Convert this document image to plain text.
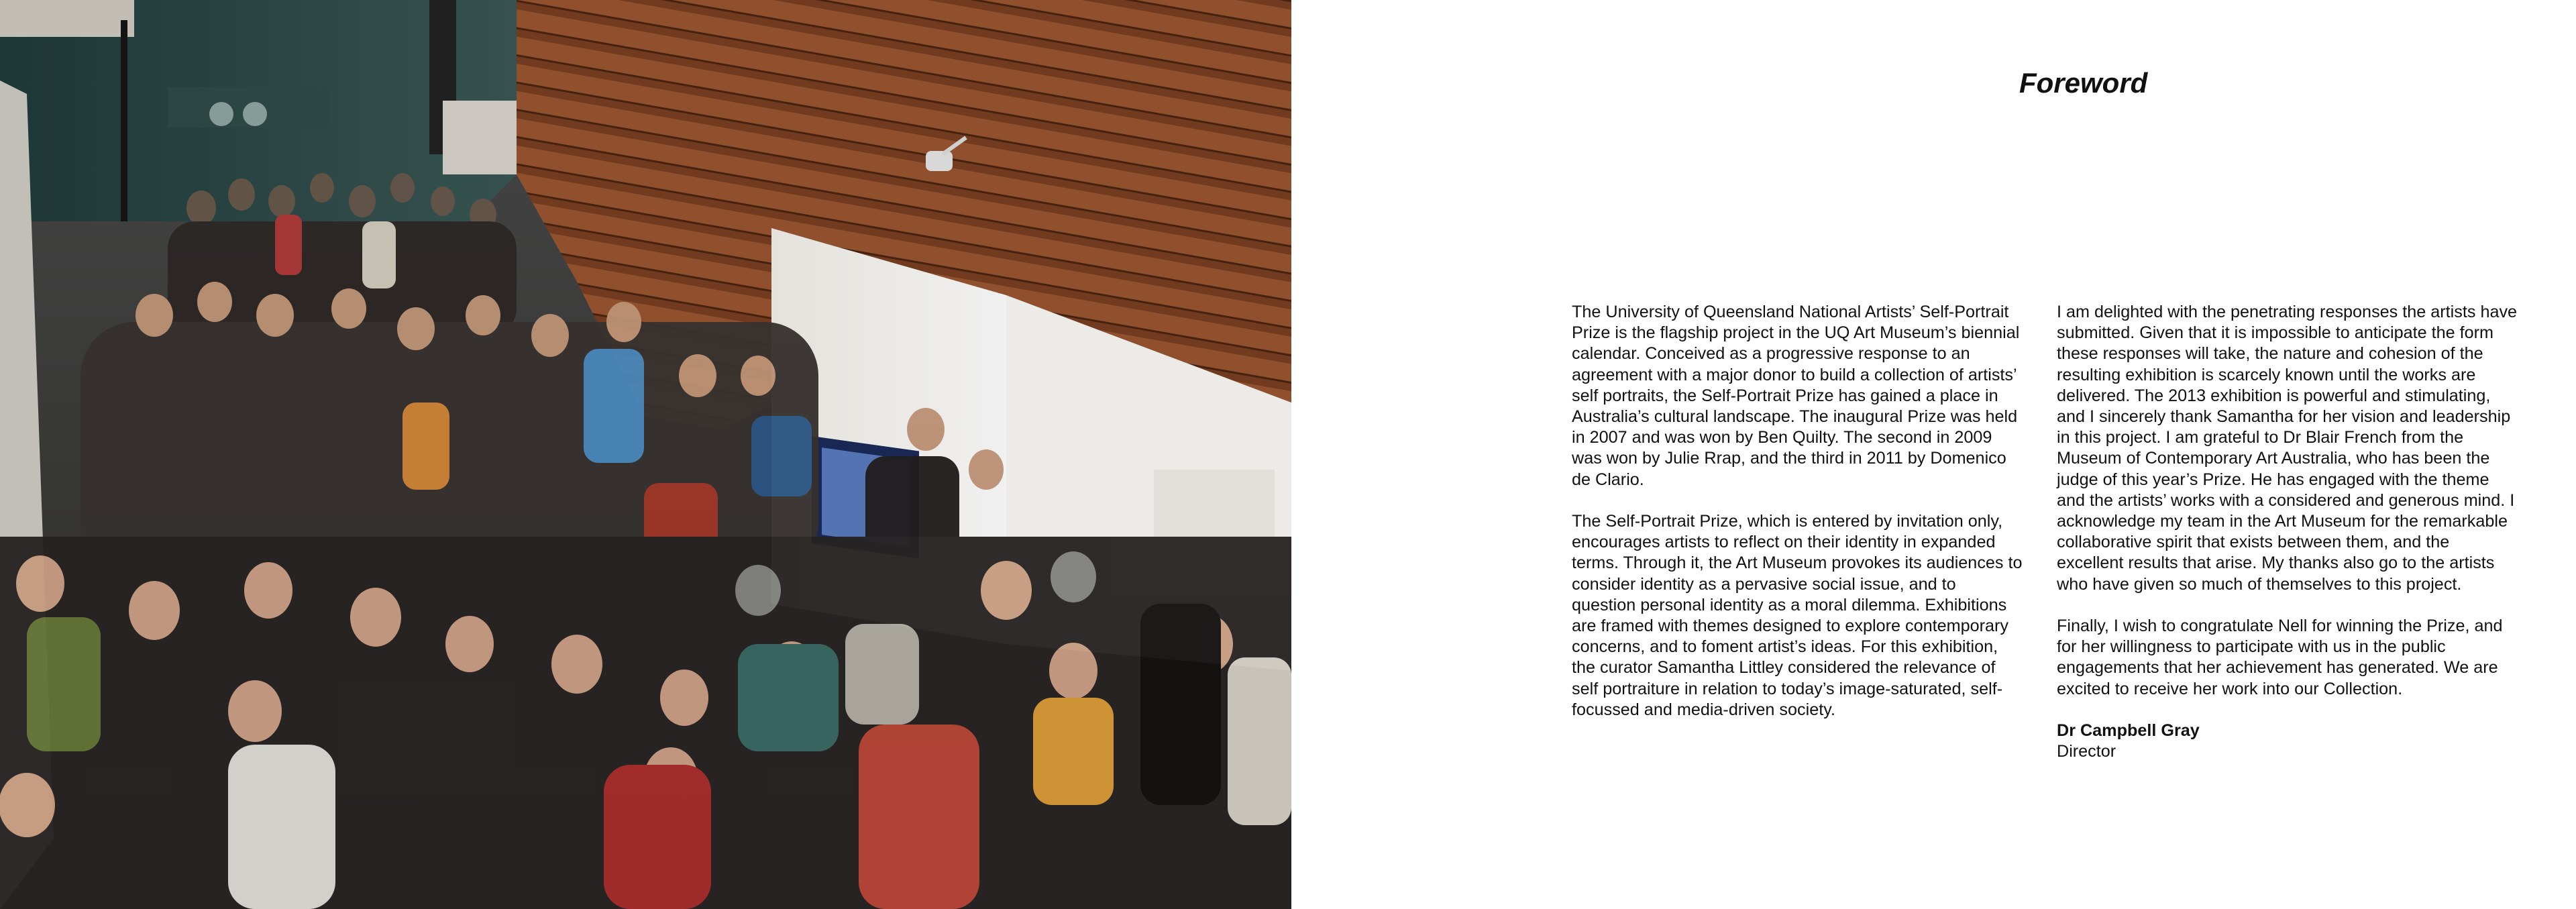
Foreword

The University of Queensland National Artists’ Self-Portrait Prize is the flagship project in the UQ Art Museum’s biennial calendar. Conceived as a progressive response to an agreement with a major donor to build a collection of artists’ self portraits, the Self-Portrait Prize has gained a place in Australia’s cultural landscape. The inaugural Prize was held in 2007 and was won by Ben Quilty. The second in 2009 was won by Julie Rrap, and the third in 2011 by Domenico de Clario.

The Self-Portrait Prize, which is entered by invitation only, encourages artists to reflect on their identity in expanded terms. Through it, the Art Museum provokes its audiences to consider identity as a pervasive social issue, and to question personal identity as a moral dilemma. Exhibitions are framed with themes designed to explore contemporary concerns, and to foment artist’s ideas. For this exhibition, the curator Samantha Littley considered the relevance of self portraiture in relation to today’s image-saturated, self-focussed and media-driven society.

I am delighted with the penetrating responses the artists have submitted. Given that it is impossible to anticipate the form these responses will take, the nature and cohesion of the resulting exhibition is scarcely known until the works are delivered. The 2013 exhibition is powerful and stimulating, and I sincerely thank Samantha for her vision and leadership in this project. I am grateful to Dr Blair French from the Museum of Contemporary Art Australia, who has been the judge of this year’s Prize. He has engaged with the theme and the artists’ works with a considered and generous mind. I acknowledge my team in the Art Museum for the remarkable collaborative spirit that exists between them, and the excellent results that arise. My thanks also go to the artists who have given so much of themselves to this project.

Finally, I wish to congratulate Nell for winning the Prize, and for her willingness to participate with us in the public engagements that her achievement has generated. We are excited to receive her work into our Collection.

Dr Campbell Gray
Director
